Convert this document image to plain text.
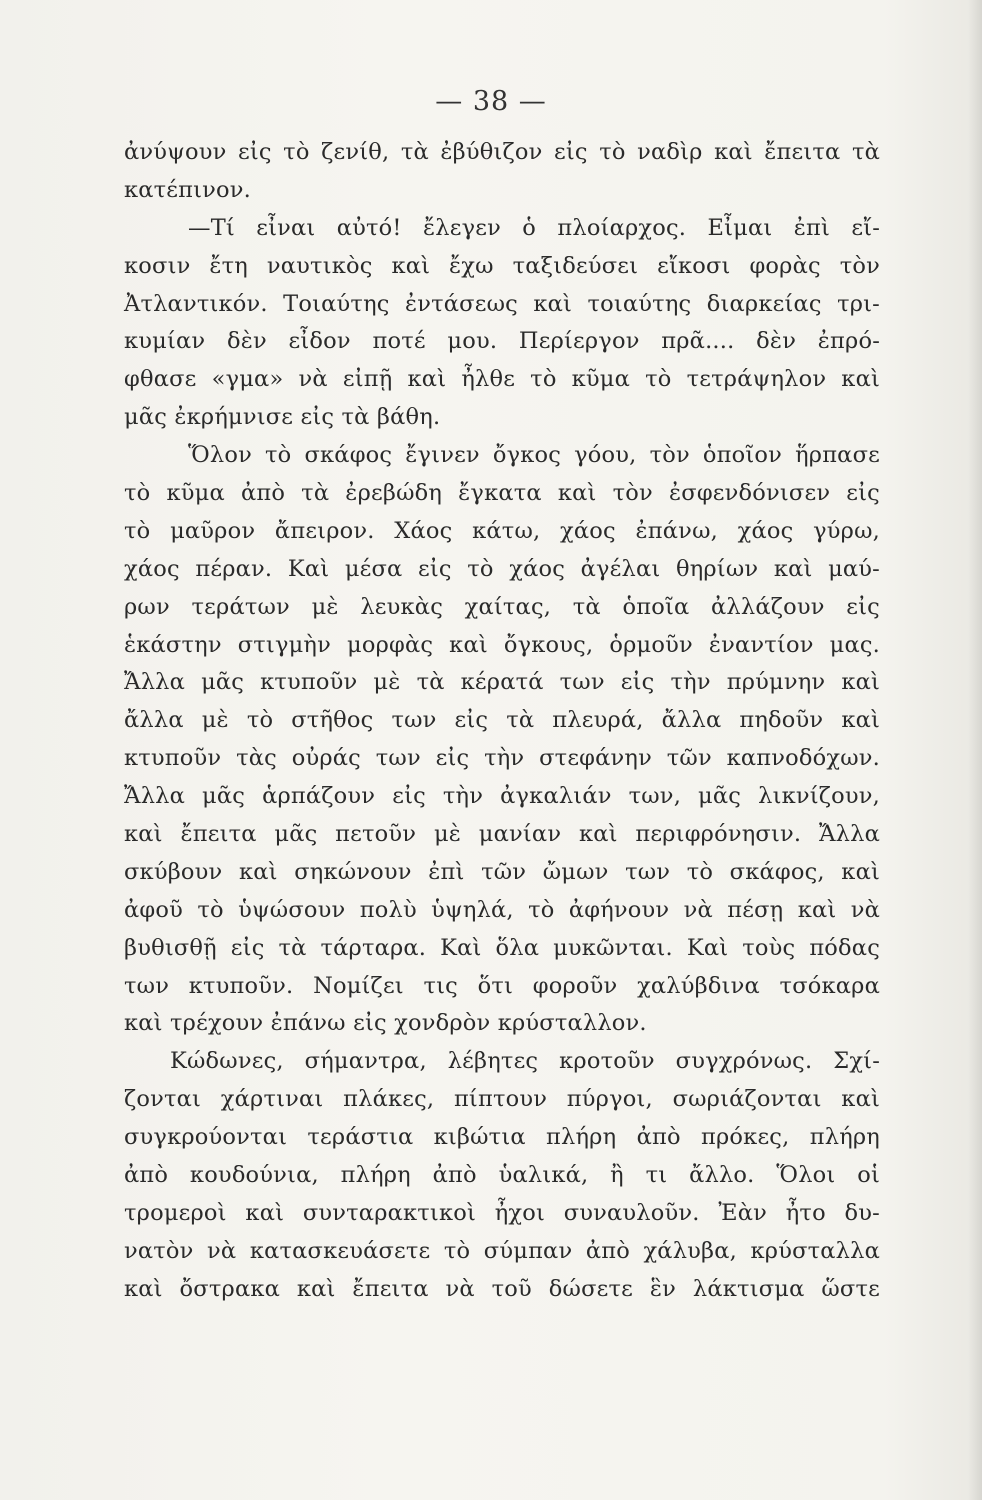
— 38 —
ἀνύψουν εἰς τὸ ζενίθ, τὰ ἐβύθιζον εἰς τὸ ναδὶρ καὶ ἔπειτα τὰ
κατέπινον.
—Τί εἶναι αὐτό! ἔλεγεν ὁ πλοίαρχος. Εἶμαι ἐπὶ εἴ-
κοσιν ἔτη ναυτικὸς καὶ ἔχω ταξιδεύσει εἴκοσι φορὰς τὸν
Ἀτλαντικόν. Τοιαύτης ἐντάσεως καὶ τοιαύτης διαρκείας τρι-
κυμίαν δὲν εἶδον ποτέ μου. Περίεργον πρᾶ.... δὲν ἐπρό-
φθασε «γμα» νὰ εἰπῇ καὶ ἦλθε τὸ κῦμα τὸ τετράψηλον καὶ
μᾶς ἐκρήμνισε εἰς τὰ βάθη.
Ὅλον τὸ σκάφος ἔγινεν ὄγκος γόου, τὸν ὁποῖον ἥρπασε
τὸ κῦμα ἀπὸ τὰ ἐρεβώδη ἔγκατα καὶ τὸν ἐσφενδόνισεν εἰς
τὸ μαῦρον ἄπειρον. Χάος κάτω, χάος ἐπάνω, χάος γύρω,
χάος πέραν. Καὶ μέσα εἰς τὸ χάος ἀγέλαι θηρίων καὶ μαύ-
ρων τεράτων μὲ λευκὰς χαίτας, τὰ ὁποῖα ἀλλάζουν εἰς
ἑκάστην στιγμὴν μορφὰς καὶ ὄγκους, ὁρμοῦν ἐναντίον μας.
Ἄλλα μᾶς κτυποῦν μὲ τὰ κέρατά των εἰς τὴν πρύμνην καὶ
ἄλλα μὲ τὸ στῆθος των εἰς τὰ πλευρά, ἄλλα πηδοῦν καὶ
κτυποῦν τὰς οὐράς των εἰς τὴν στεφάνην τῶν καπνοδόχων.
Ἄλλα μᾶς ἁρπάζουν εἰς τὴν ἀγκαλιάν των, μᾶς λικνίζουν,
καὶ ἔπειτα μᾶς πετοῦν μὲ μανίαν καὶ περιφρόνησιν. Ἄλλα
σκύβουν καὶ σηκώνουν ἐπὶ τῶν ὤμων των τὸ σκάφος, καὶ
ἀφοῦ τὸ ὑψώσουν πολὺ ὑψηλά, τὸ ἀφήνουν νὰ πέσῃ καὶ νὰ
βυθισθῇ εἰς τὰ τάρταρα. Καὶ ὅλα μυκῶνται. Καὶ τοὺς πόδας
των κτυποῦν. Νομίζει τις ὅτι φοροῦν χαλύβδινα τσόκαρα
καὶ τρέχουν ἐπάνω εἰς χονδρὸν κρύσταλλον.
Κώδωνες, σήμαντρα, λέβητες κροτοῦν συγχρόνως. Σχί-
ζονται χάρτιναι πλάκες, πίπτουν πύργοι, σωριάζονται καὶ
συγκρούονται τεράστια κιβώτια πλήρη ἀπὸ πρόκες, πλήρη
ἀπὸ κουδούνια, πλήρη ἀπὸ ὑαλικά, ἢ τι ἄλλο. Ὅλοι οἱ
τρομεροὶ καὶ συνταρακτικοὶ ἦχοι συναυλοῦν. Ἐὰν ἦτο δυ-
νατὸν νὰ κατασκευάσετε τὸ σύμπαν ἀπὸ χάλυβα, κρύσταλλα
καὶ ὄστρακα καὶ ἔπειτα νὰ τοῦ δώσετε ἓν λάκτισμα ὥστε
